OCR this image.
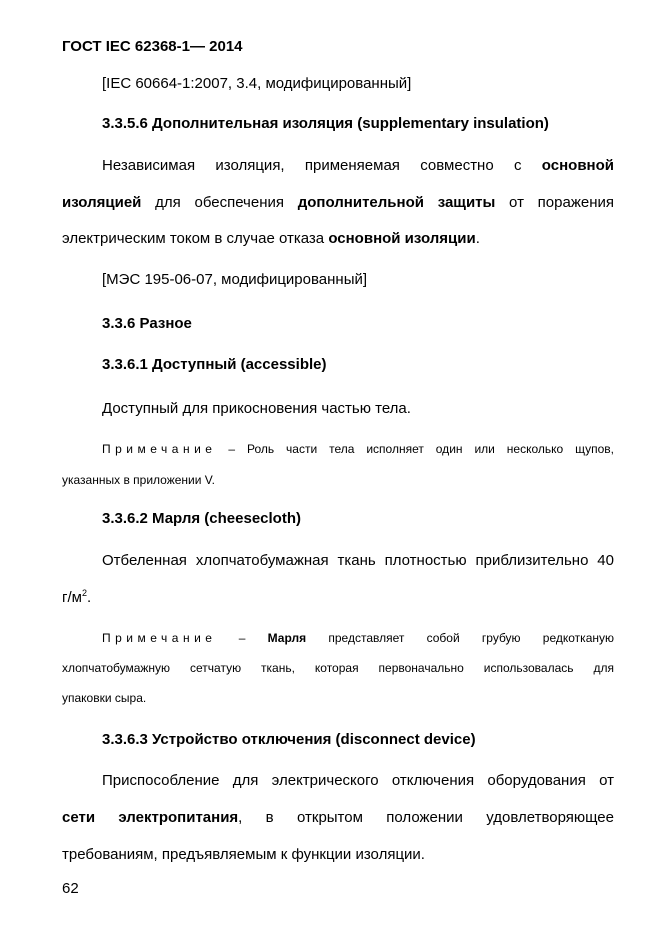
ГОСТ IEC 62368-1— 2014
[IEC 60664-1:2007, 3.4, модифицированный]
3.3.5.6 Дополнительная изоляция (supplementary insulation)
Независимая изоляция, применяемая совместно с основной
изоляцией для обеспечения дополнительной защиты от поражения
электрическим током в случае отказа основной изоляции.
[МЭС 195-06-07, модифицированный]
3.3.6 Разное
3.3.6.1 Доступный (accessible)
Доступный для прикосновения частью тела.
Примечание – Роль части тела исполняет один или несколько щупов,
указанных в приложении V.
3.3.6.2 Марля (cheesecloth)
Отбеленная хлопчатобумажная ткань плотностью приблизительно 40
$г/м^2$.
Примечание – Марля представляет собой грубую редкотканую
хлопчатобумажную сетчатую ткань, которая первоначально использовалась для
упаковки сыра.
3.3.6.3 Устройство отключения (disconnect device)
Приспособление для электрического отключения оборудования от
сети электропитания, в открытом положении удовлетворяющее
требованиям, предъявляемым к функции изоляции.
62
